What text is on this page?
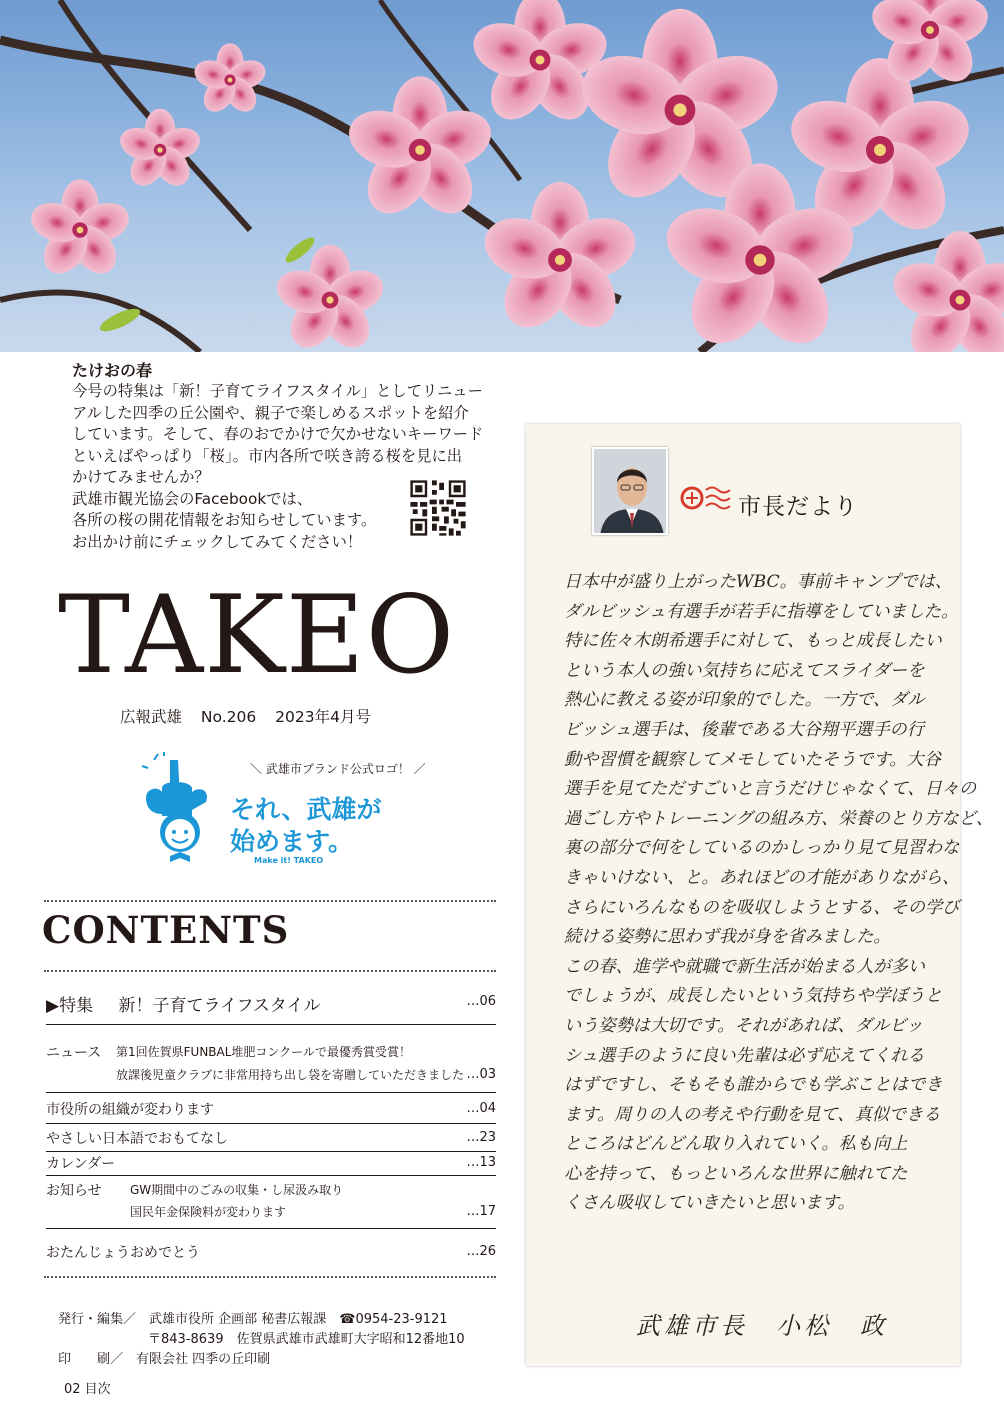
たけおの春

今号の特集は「新！子育てライフスタイル」としてリニュー

アルした四季の丘公園や、親子で楽しめるスポットを紹介

しています。そして、春のおでかけで欠かせないキーワード

といえばやっぱり「桜」。市内各所で咲き誇る桜を見に出

かけてみませんか？

武雄市観光協会のFacebookでは、

各所の桜の開花情報をお知らせしています。

お出かけ前にチェックしてみてください！

TAKEO
広報武雄 No.206 2023年4月号
＼ 武雄市ブランド公式ロゴ！ ／
それ、武雄が
始めます。
Make it! TAKEO
CONTENTS
▶特集 新！子育てライフスタイル	…06
ニュース 第1回佐賀県FUNBAL堆肥コンクールで最優秀賞受賞！
放課後児童クラブに非常用持ち出し袋を寄贈していただきました …03
市役所の組織が変わります	…04
やさしい日本語でおもてなし	…23
カレンダー	…13
お知らせ GW期間中のごみの収集・し尿汲み取り
国民年金保険料が変わります	…17
おたんじょうおめでとう	…26
発行・編集／　武雄市役所 企画部 秘書広報課　☎0954-23-9121
〒843-8639　佐賀県武雄市武雄町大字昭和12番地10
印　　刷／　有限会社 四季の丘印刷
02 目次
市長だより

日本中が盛り上がったWBC。事前キャンプでは、

ダルビッシュ有選手が若手に指導をしていました。

特に佐々木朗希選手に対して、もっと成長したい

という本人の強い気持ちに応えてスライダーを

熱心に教える姿が印象的でした。一方で、ダル

ビッシュ選手は、後輩である大谷翔平選手の行

動や習慣を観察してメモしていたそうです。大谷

選手を見てただすごいと言うだけじゃなくて、日々の

過ごし方やトレーニングの組み方、栄養のとり方など、

裏の部分で何をしているのかしっかり見て見習わな

きゃいけない、と。あれほどの才能がありながら、

さらにいろんなものを吸収しようとする、その学び

続ける姿勢に思わず我が身を省みました。

この春、進学や就職で新生活が始まる人が多い

でしょうが、成長したいという気持ちや学ぼうと

いう姿勢は大切です。それがあれば、ダルビッ

シュ選手のように良い先輩は必ず応えてくれる

はずですし、そもそも誰からでも学ぶことはでき

ます。周りの人の考えや行動を見て、真似できる

ところはどんどん取り入れていく。私も向上

心を持って、もっといろんな世界に触れてた

くさん吸収していきたいと思います。

武雄市長　小松　政
